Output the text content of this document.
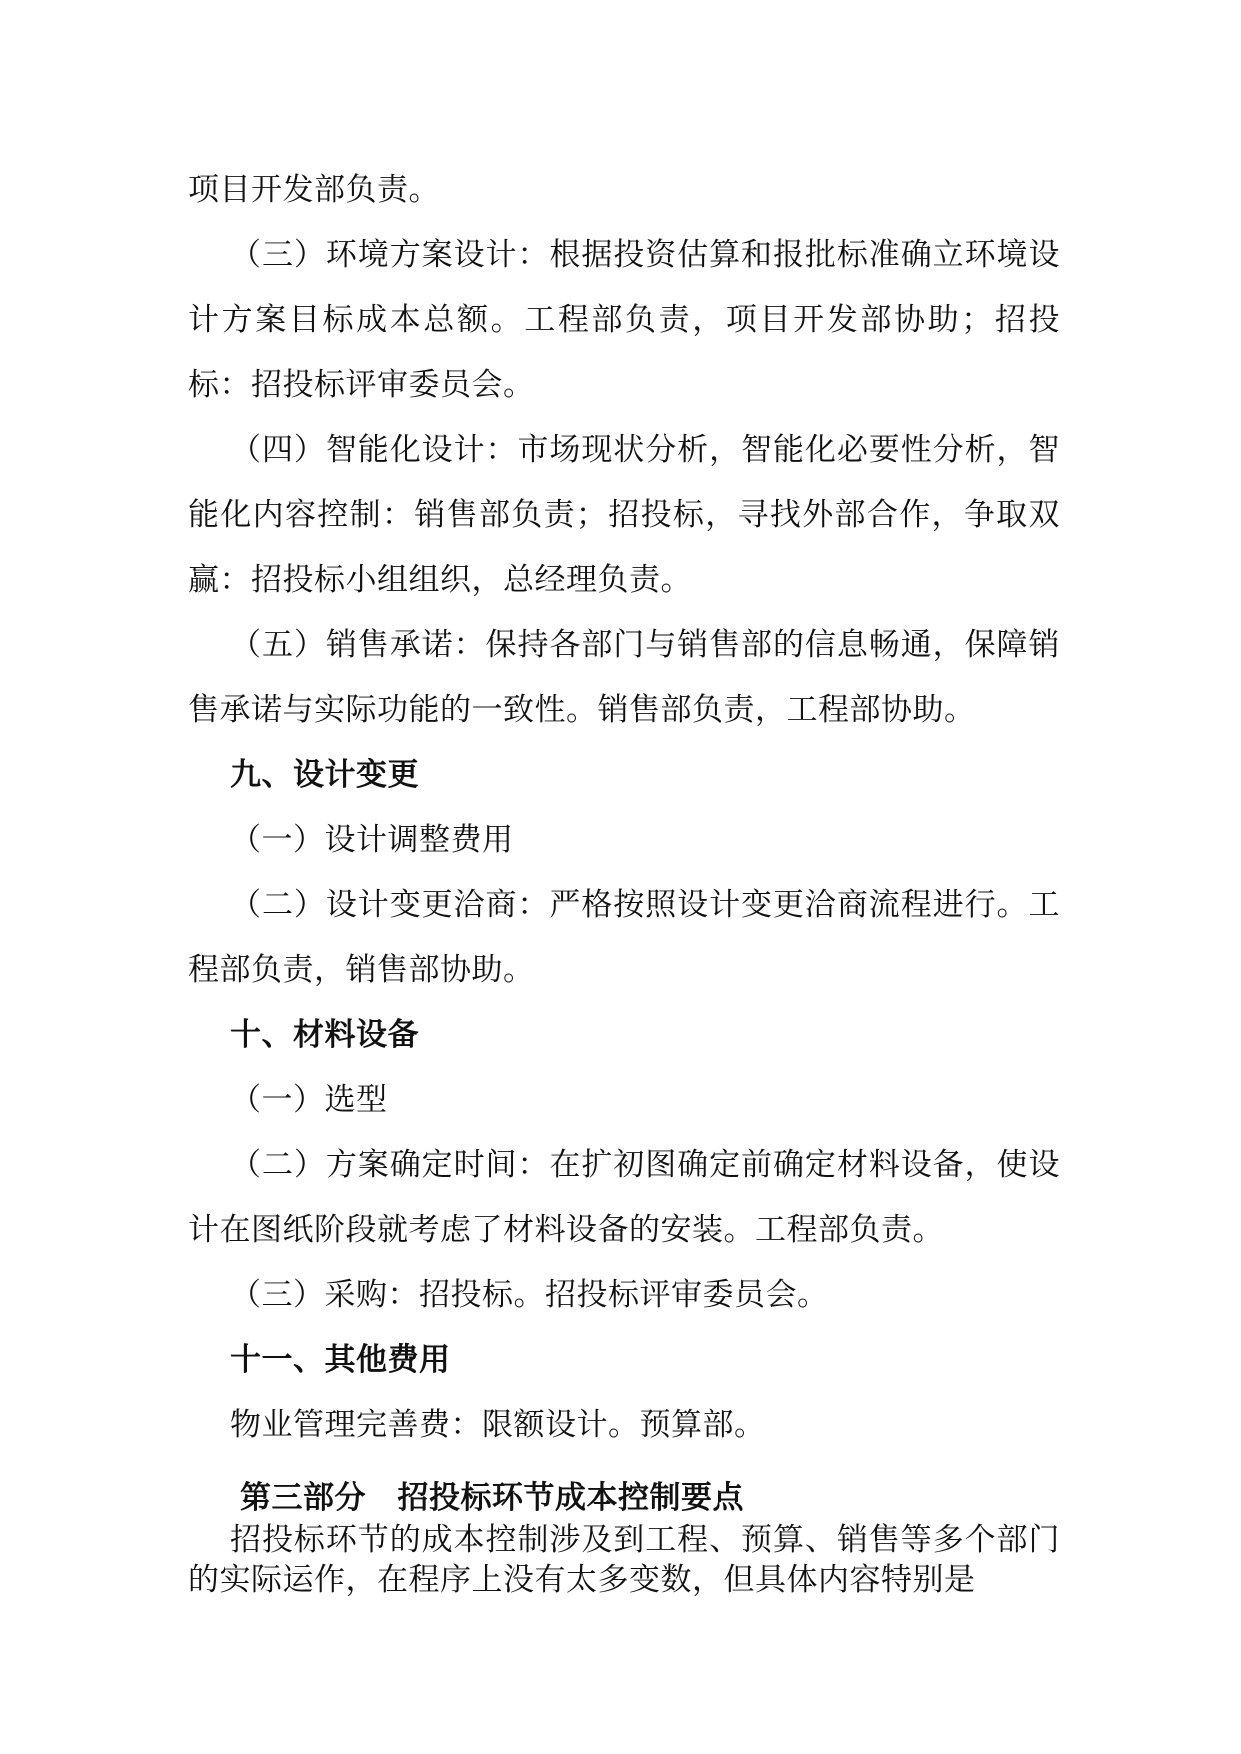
项目开发部负责。

（三）环境方案设计：根据投资估算和报批标准确立环境设计方案目标成本总额。工程部负责，项目开发部协助；招投标：招投标评审委员会。

（四）智能化设计：市场现状分析，智能化必要性分析，智能化内容控制：销售部负责；招投标，寻找外部合作，争取双赢：招投标小组组织，总经理负责。

（五）销售承诺：保持各部门与销售部的信息畅通，保障销售承诺与实际功能的一致性。销售部负责，工程部协助。

九、设计变更

（一）设计调整费用

（二）设计变更洽商：严格按照设计变更洽商流程进行。工程部负责，销售部协助。

十、材料设备

（一）选型

（二）方案确定时间：在扩初图确定前确定材料设备，使设计在图纸阶段就考虑了材料设备的安装。工程部负责。

（三）采购：招投标。招投标评审委员会。

十一、其他费用

物业管理完善费：限额设计。预算部。

第三部分　招投标环节成本控制要点

招投标环节的成本控制涉及到工程、预算、销售等多个部门的实际运作，在程序上没有太多变数，但具体内容特别是
